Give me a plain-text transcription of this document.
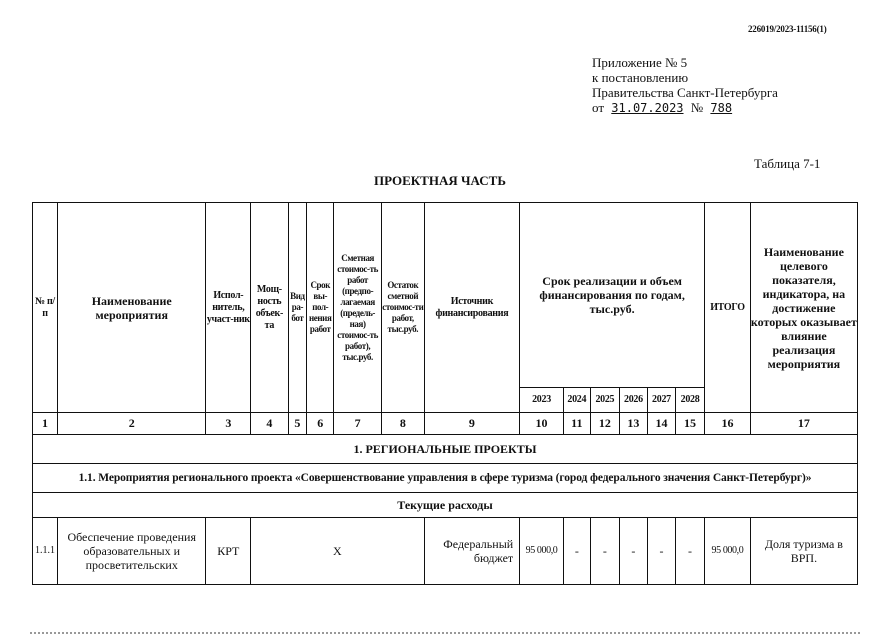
226019/2023-11156(1)
Приложение № 5
к постановлению
Правительства Санкт-Петербурга
от 31.07.2023 № 788
Таблица 7-1
ПРОЕКТНАЯ ЧАСТЬ
№ п/п	Наименование мероприятия	Испол-нитель, участ-ник	Мощ-ность объек-та	Вид ра-бот	Срок вы-пол-нения работ	Сметная стоимос-ть работ (предпо-лагаемая (предель-ная) стоимос-ть работ), тыс.руб.	Остаток сметной стоимос-ти работ, тыс.руб.	Источник финансирования	Срок реализации и объем финансирования по годам, тыс.руб.						ИТОГО	Наименование целевого показателя, индикатора, на достижение которых оказывает влияние реализация мероприятия
									2023	2024	2025	2026	2027	2028		
1	2	3	4	5	6	7	8	9	10	11	12	13	14	15	16	17
1. РЕГИОНАЛЬНЫЕ ПРОЕКТЫ																
1.1. Мероприятия регионального проекта «Совершенствование управления в сфере туризма (город федерального значения Санкт-Петербург)»																
Текущие расходы																
1.1.1	Обеспечение проведения образовательных и просветительских	КРТ	Х					Федеральный бюджет	95 000,0	-	-	-	-	-	95 000,0	Доля туризма в ВРП.
